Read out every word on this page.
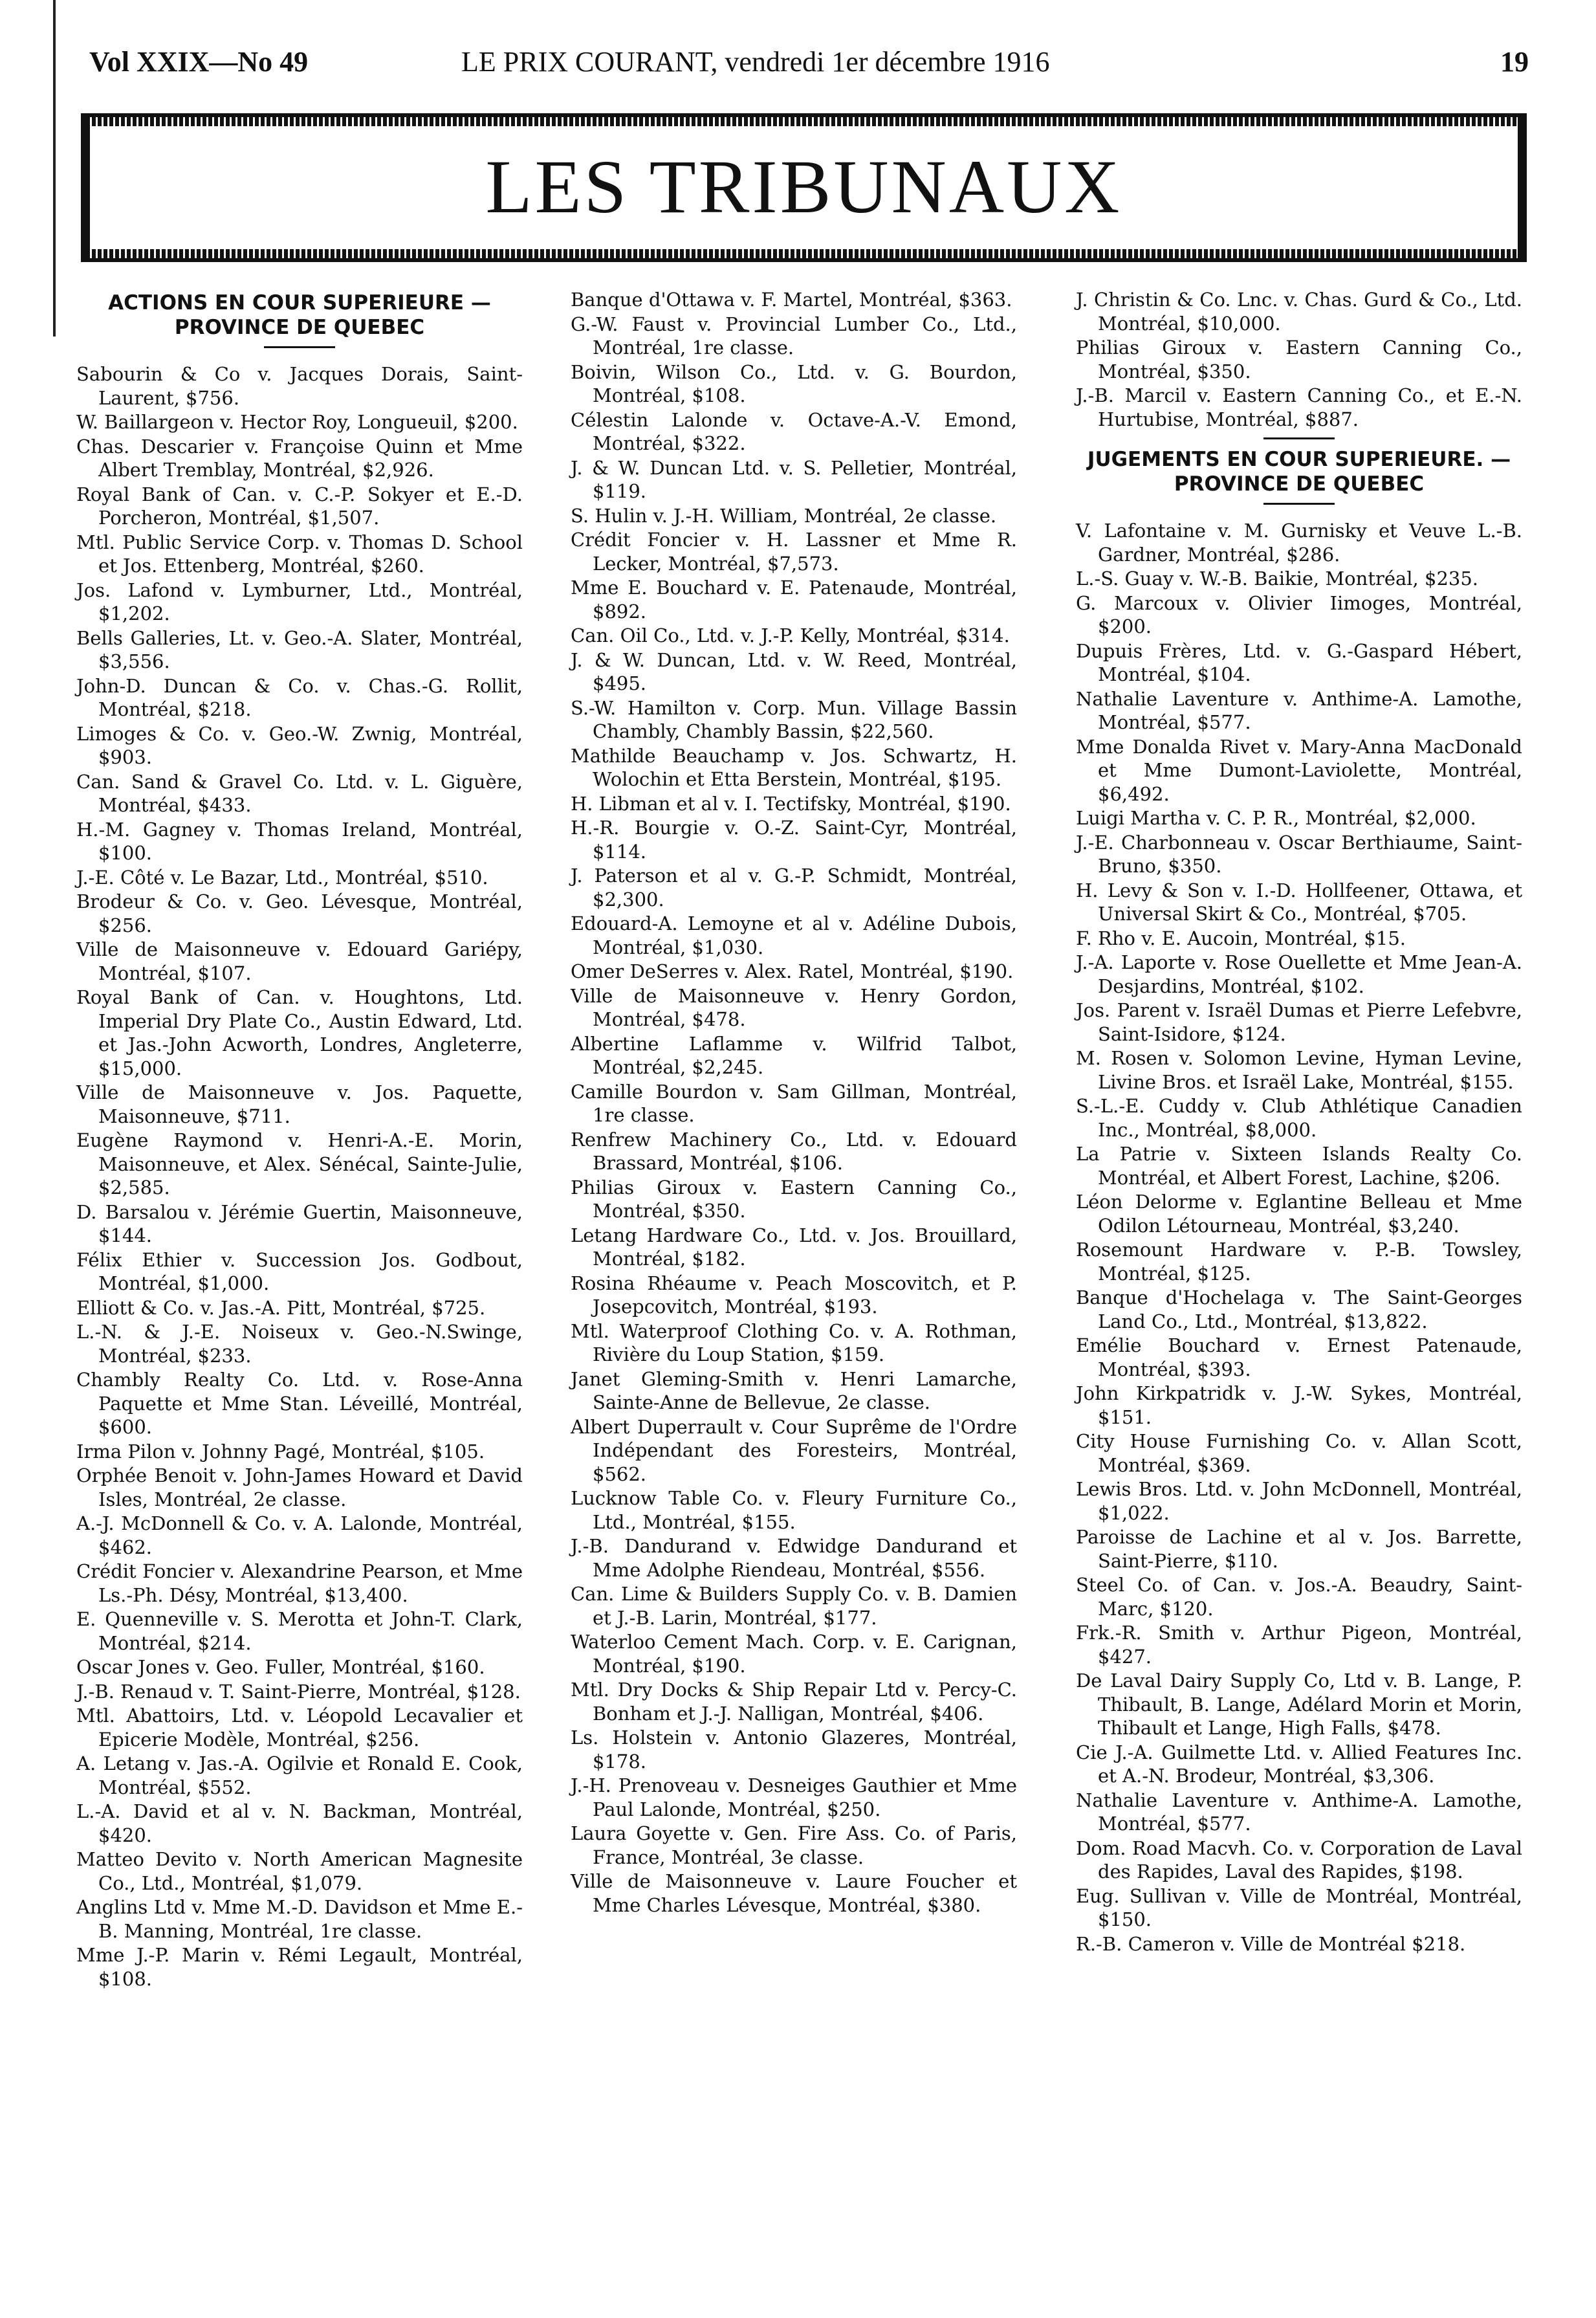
Vol XXIX—No 49	LE PRIX COURANT, vendredi 1er décembre 1916	19
LES TRIBUNAUX
ACTIONS EN COUR SUPERIEURE — PROVINCE DE QUEBEC
Sabourin & Co v. Jacques Dorais, Saint-Laurent, $756.
W. Baillargeon v. Hector Roy, Longueuil, $200.
Chas. Descarier v. Françoise Quinn et Mme Albert Tremblay, Montréal, $2,926.
Royal Bank of Can. v. C.-P. Sokyer et E.-D. Porcheron, Montréal, $1,507.
Mtl. Public Service Corp. v. Thomas D. School et Jos. Ettenberg, Montréal, $260.
Jos. Lafond v. Lymburner, Ltd., Montréal, $1,202.
Bells Galleries, Lt. v. Geo.-A. Slater, Montréal, $3,556.
John-D. Duncan & Co. v. Chas.-G. Rollit, Montréal, $218.
Limoges & Co. v. Geo.-W. Zwnig, Montréal, $903.
Can. Sand & Gravel Co. Ltd. v. L. Giguère, Montréal, $433.
H.-M. Gagney v. Thomas Ireland, Montréal, $100.
J.-E. Côté v. Le Bazar, Ltd., Montréal, $510.
Brodeur & Co. v. Geo. Lévesque, Montréal, $256.
Ville de Maisonneuve v. Edouard Gariépy, Montréal, $107.
Royal Bank of Can. v. Houghtons, Ltd. Imperial Dry Plate Co., Austin Edward, Ltd. et Jas.-John Acworth, Londres, Angleterre, $15,000.
Ville de Maisonneuve v. Jos. Paquette, Maisonneuve, $711.
Eugène Raymond v. Henri-A.-E. Morin, Maisonneuve, et Alex. Sénécal, Sainte-Julie, $2,585.
D. Barsalou v. Jérémie Guertin, Maisonneuve, $144.
Félix Ethier v. Succession Jos. Godbout, Montréal, $1,000.
Elliott & Co. v. Jas.-A. Pitt, Montréal, $725.
L.-N. & J.-E. Noiseux v. Geo.-N.Swinge, Montréal, $233.
Chambly Realty Co. Ltd. v. Rose-Anna Paquette et Mme Stan. Léveillé, Montréal, $600.
Irma Pilon v. Johnny Pagé, Montréal, $105.
Orphée Benoit v. John-James Howard et David Isles, Montréal, 2e classe.
A.-J. McDonnell & Co. v. A. Lalonde, Montréal, $462.
Crédit Foncier v. Alexandrine Pearson, et Mme Ls.-Ph. Désy, Montréal, $13,400.
E. Quenneville v. S. Merotta et John-T. Clark, Montréal, $214.
Oscar Jones v. Geo. Fuller, Montréal, $160.
J.-B. Renaud v. T. Saint-Pierre, Montréal, $128.
Mtl. Abattoirs, Ltd. v. Léopold Lecavalier et Epicerie Modèle, Montréal, $256.
A. Letang v. Jas.-A. Ogilvie et Ronald E. Cook, Montréal, $552.
L.-A. David et al v. N. Backman, Montréal, $420.
Matteo Devito v. North American Magnesite Co., Ltd., Montréal, $1,079.
Anglins Ltd v. Mme M.-D. Davidson et Mme E.-B. Manning, Montréal, 1re classe.
Mme J.-P. Marin v. Rémi Legault, Montréal, $108.
Banque d'Ottawa v. F. Martel, Montréal, $363.
G.-W. Faust v. Provincial Lumber Co., Ltd., Montréal, 1re classe.
Boivin, Wilson Co., Ltd. v. G. Bourdon, Montréal, $108.
Célestin Lalonde v. Octave-A.-V. Emond, Montréal, $322.
J. & W. Duncan Ltd. v. S. Pelletier, Montréal, $119.
S. Hulin v. J.-H. William, Montréal, 2e classe.
Crédit Foncier v. H. Lassner et Mme R. Lecker, Montréal, $7,573.
Mme E. Bouchard v. E. Patenaude, Montréal, $892.
Can. Oil Co., Ltd. v. J.-P. Kelly, Montréal, $314.
J. & W. Duncan, Ltd. v. W. Reed, Montréal, $495.
S.-W. Hamilton v. Corp. Mun. Village Bassin Chambly, Chambly Bassin, $22,560.
Mathilde Beauchamp v. Jos. Schwartz, H. Wolochin et Etta Berstein, Montréal, $195.
H. Libman et al v. I. Tectifsky, Montréal, $190.
H.-R. Bourgie v. O.-Z. Saint-Cyr, Montréal, $114.
J. Paterson et al v. G.-P. Schmidt, Montréal, $2,300.
Edouard-A. Lemoyne et al v. Adéline Dubois, Montréal, $1,030.
Omer DeSerres v. Alex. Ratel, Montréal, $190.
Ville de Maisonneuve v. Henry Gordon, Montréal, $478.
Albertine Laflamme v. Wilfrid Talbot, Montréal, $2,245.
Camille Bourdon v. Sam Gillman, Montréal, 1re classe.
Renfrew Machinery Co., Ltd. v. Edouard Brassard, Montréal, $106.
Philias Giroux v. Eastern Canning Co., Montréal, $350.
Letang Hardware Co., Ltd. v. Jos. Brouillard, Montréal, $182.
Rosina Rhéaume v. Peach Moscovitch, et P. Josepcovitch, Montréal, $193.
Mtl. Waterproof Clothing Co. v. A. Rothman, Rivière du Loup Station, $159.
Janet Gleming-Smith v. Henri Lamarche, Sainte-Anne de Bellevue, 2e classe.
Albert Duperrault v. Cour Suprême de l'Ordre Indépendant des Foresteirs, Montréal, $562.
Lucknow Table Co. v. Fleury Furniture Co., Ltd., Montréal, $155.
J.-B. Dandurand v. Edwidge Dandurand et Mme Adolphe Riendeau, Montréal, $556.
Can. Lime & Builders Supply Co. v. B. Damien et J.-B. Larin, Montréal, $177.
Waterloo Cement Mach. Corp. v. E. Carignan, Montréal, $190.
Mtl. Dry Docks & Ship Repair Ltd v. Percy-C. Bonham et J.-J. Nalligan, Montréal, $406.
Ls. Holstein v. Antonio Glazeres, Montréal, $178.
J.-H. Prenoveau v. Desneiges Gauthier et Mme Paul Lalonde, Montréal, $250.
Laura Goyette v. Gen. Fire Ass. Co. of Paris, France, Montréal, 3e classe.
Ville de Maisonneuve v. Laure Foucher et Mme Charles Lévesque, Montréal, $380.
J. Christin & Co. Lnc. v. Chas. Gurd & Co., Ltd. Montréal, $10,000.
Philias Giroux v. Eastern Canning Co., Montréal, $350.
J.-B. Marcil v. Eastern Canning Co., et E.-N. Hurtubise, Montréal, $887.
JUGEMENTS EN COUR SUPERIEURE. — PROVINCE DE QUEBEC
V. Lafontaine v. M. Gurnisky et Veuve L.-B. Gardner, Montréal, $286.
L.-S. Guay v. W.-B. Baikie, Montréal, $235.
G. Marcoux v. Olivier Iimoges, Montréal, $200.
Dupuis Frères, Ltd. v. G.-Gaspard Hébert, Montréal, $104.
Nathalie Laventure v. Anthime-A. Lamothe, Montréal, $577.
Mme Donalda Rivet v. Mary-Anna MacDonald et Mme Dumont-Laviolette, Montréal, $6,492.
Luigi Martha v. C. P. R., Montréal, $2,000.
J.-E. Charbonneau v. Oscar Berthiaume, Saint-Bruno, $350.
H. Levy & Son v. I.-D. Hollfeener, Ottawa, et Universal Skirt & Co., Montréal, $705.
F. Rho v. E. Aucoin, Montréal, $15.
J.-A. Laporte v. Rose Ouellette et Mme Jean-A. Desjardins, Montréal, $102.
Jos. Parent v. Israël Dumas et Pierre Lefebvre, Saint-Isidore, $124.
M. Rosen v. Solomon Levine, Hyman Levine, Livine Bros. et Israël Lake, Montréal, $155.
S.-L.-E. Cuddy v. Club Athlétique Canadien Inc., Montréal, $8,000.
La Patrie v. Sixteen Islands Realty Co. Montréal, et Albert Forest, Lachine, $206.
Léon Delorme v. Eglantine Belleau et Mme Odilon Létourneau, Montréal, $3,240.
Rosemount Hardware v. P.-B. Towsley, Montréal, $125.
Banque d'Hochelaga v. The Saint-Georges Land Co., Ltd., Montréal, $13,822.
Emélie Bouchard v. Ernest Patenaude, Montréal, $393.
John Kirkpatridk v. J.-W. Sykes, Montréal, $151.
City House Furnishing Co. v. Allan Scott, Montréal, $369.
Lewis Bros. Ltd. v. John McDonnell, Montréal, $1,022.
Paroisse de Lachine et al v. Jos. Barrette, Saint-Pierre, $110.
Steel Co. of Can. v. Jos.-A. Beaudry, Saint-Marc, $120.
Frk.-R. Smith v. Arthur Pigeon, Montréal, $427.
De Laval Dairy Supply Co, Ltd v. B. Lange, P. Thibault, B. Lange, Adélard Morin et Morin, Thibault et Lange, High Falls, $478.
Cie J.-A. Guilmette Ltd. v. Allied Features Inc. et A.-N. Brodeur, Montréal, $3,306.
Nathalie Laventure v. Anthime-A. Lamothe, Montréal, $577.
Dom. Road Macvh. Co. v. Corporation de Laval des Rapides, Laval des Rapides, $198.
Eug. Sullivan v. Ville de Montréal, Montréal, $150.
R.-B. Cameron v. Ville de Montréal $218.
